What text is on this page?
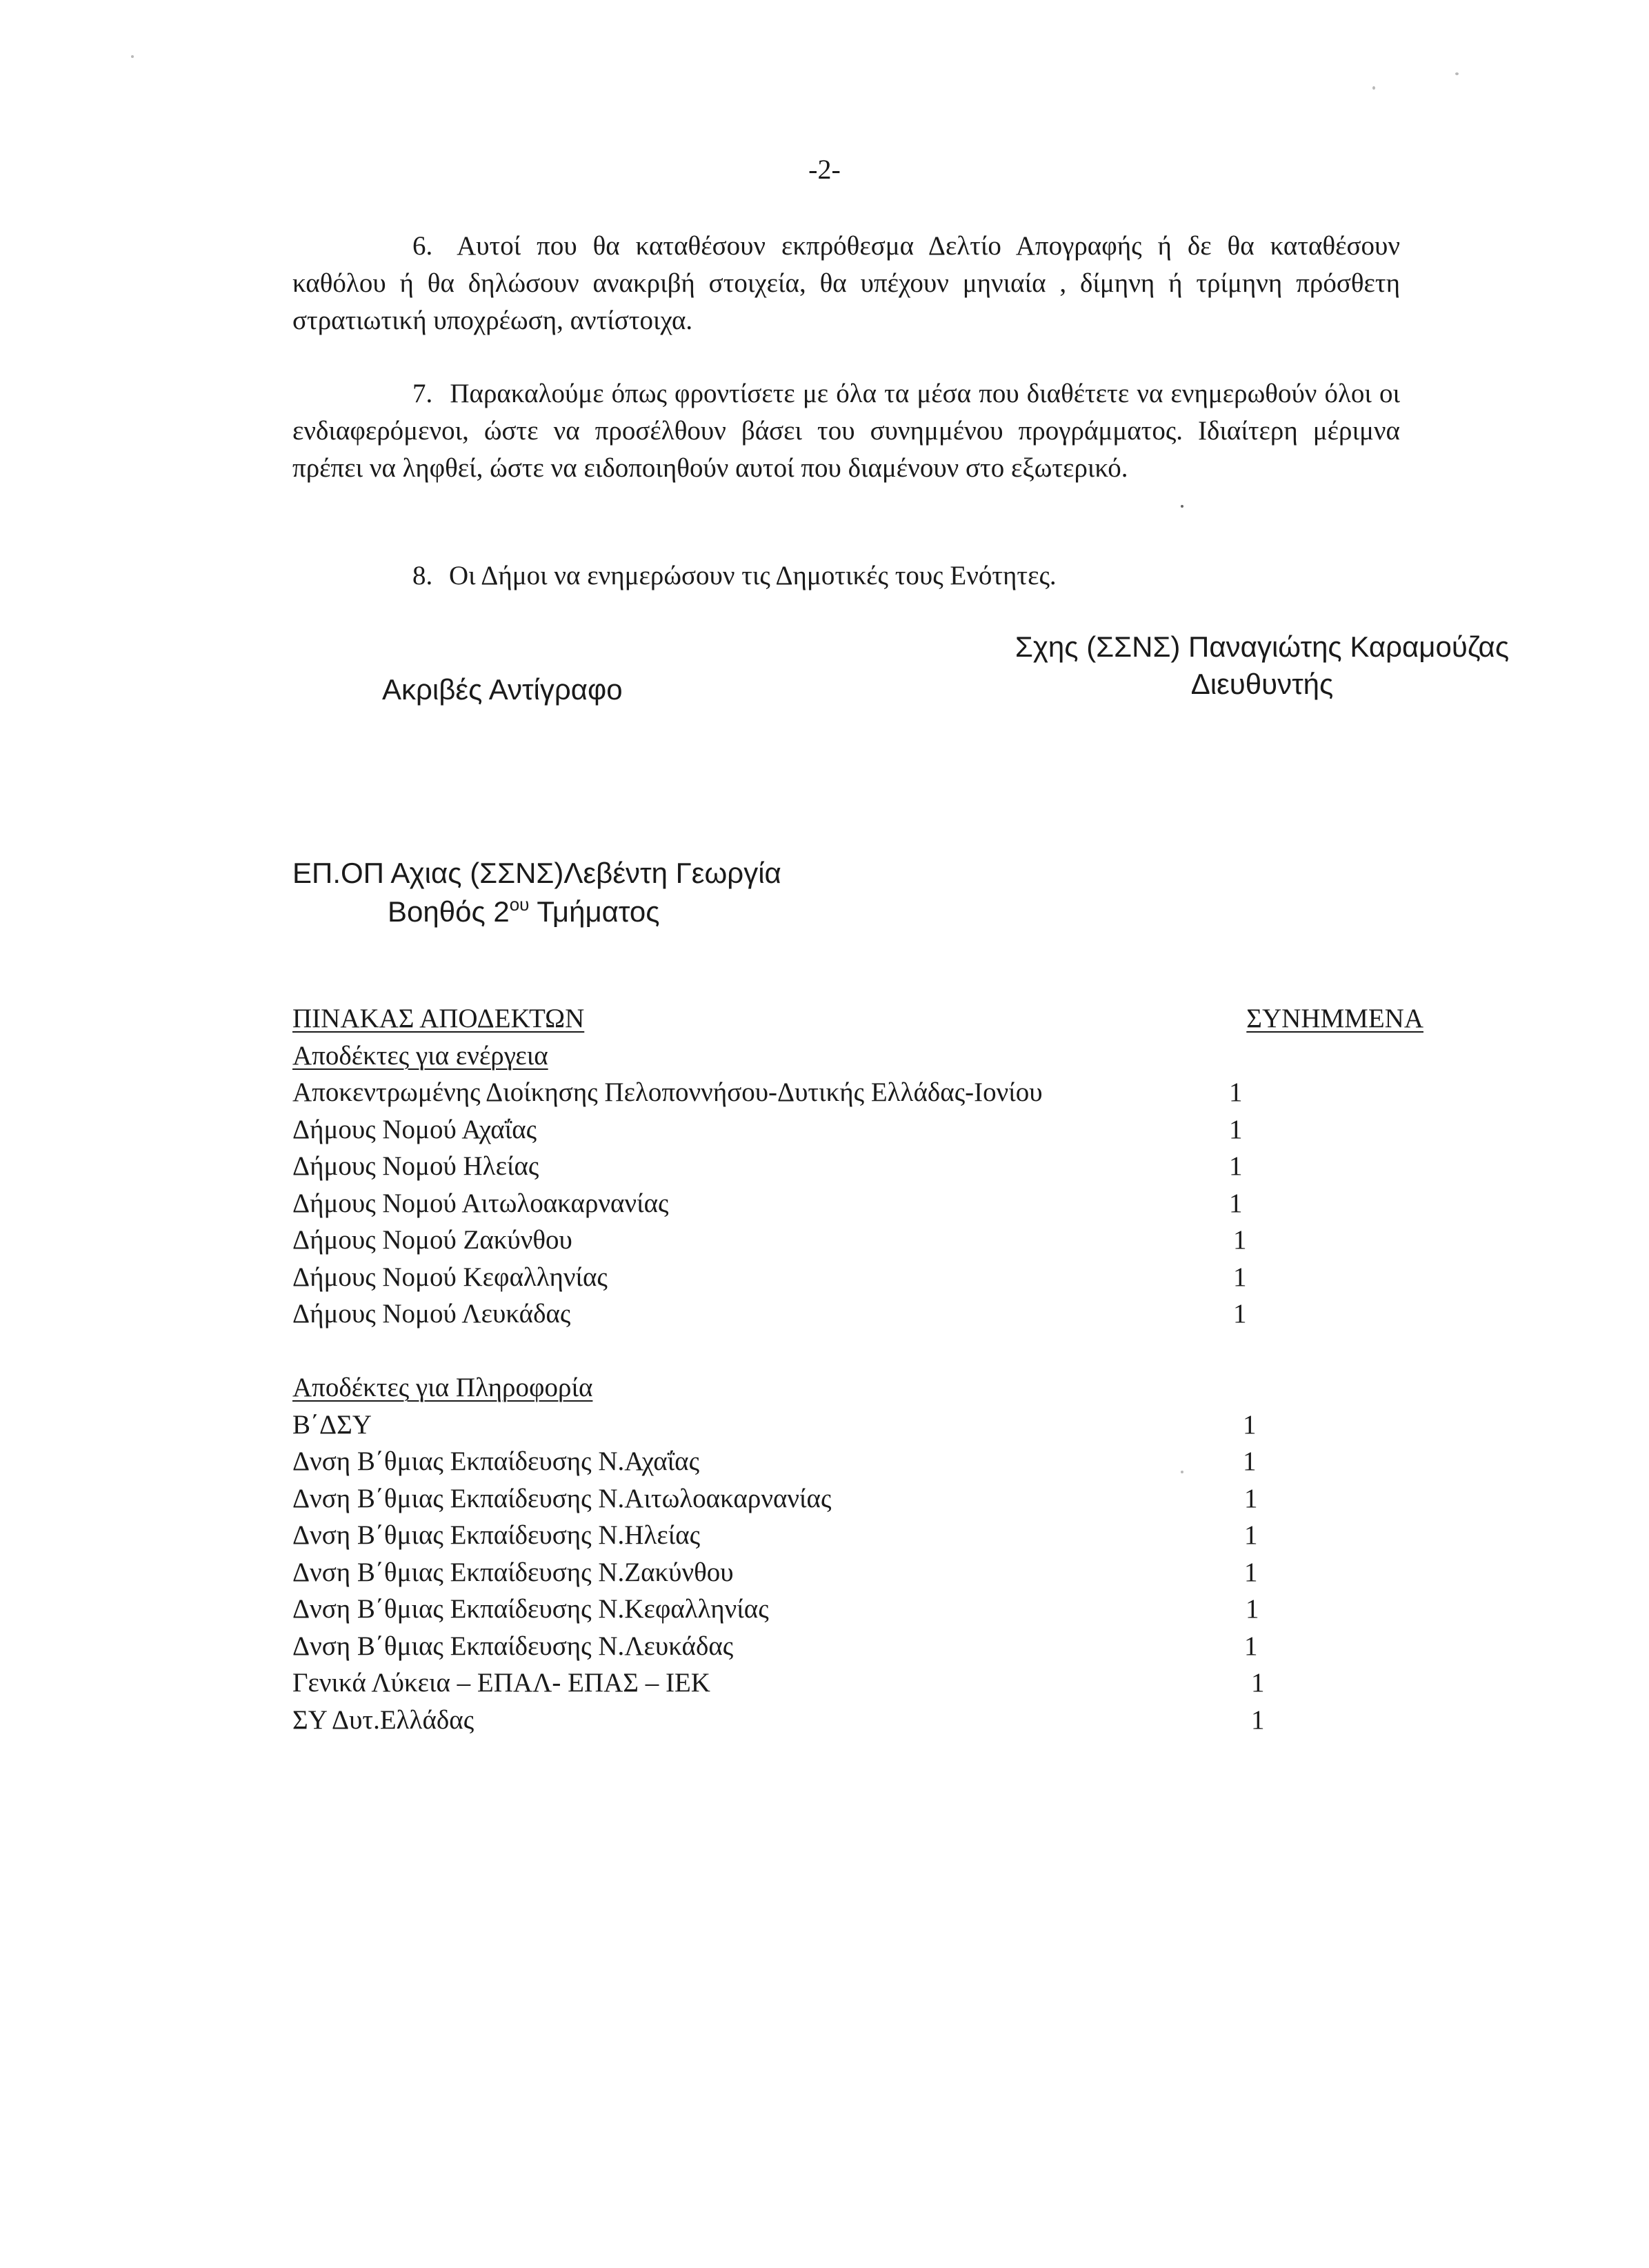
-2-
6. Αυτοί που θα καταθέσουν εκπρόθεσμα Δελτίο Απογραφής ή δε θα καταθέσουν καθόλου ή θα δηλώσουν ανακριβή στοιχεία, θα υπέχουν μηνιαία , δίμηνη ή τρίμηνη πρόσθετη στρατιωτική υποχρέωση, αντίστοιχα.
7. Παρακαλούμε όπως φροντίσετε με όλα τα μέσα που διαθέτετε να ενημερωθούν όλοι οι ενδιαφερόμενοι, ώστε να προσέλθουν βάσει του συνημμένου προγράμματος. Ιδιαίτερη μέριμνα πρέπει να ληφθεί, ώστε να ειδοποιηθούν αυτοί που διαμένουν στο εξωτερικό.
8. Οι Δήμοι να ενημερώσουν τις Δημοτικές τους Ενότητες.
Σχης (ΣΣΝΣ) Παναγιώτης Καραμούζας
Διευθυντής
Ακριβές Αντίγραφο
ΕΠ.ΟΠ Αχιας (ΣΣΝΣ)Λεβέντη Γεωργία
Βοηθός $2^{o\upsilon}$ Τμήματος
ΠΙΝΑΚΑΣ ΑΠΟΔΕΚΤΩΝ	ΣΥΝΗΜΜΕΝΑ
Αποδέκτες για ενέργεια
Αποκεντρωμένης Διοίκησης Πελοποννήσου-Δυτικής Ελλάδας-Ιονίου	1
Δήμους Νομού Αχαΐας	1
Δήμους Νομού Ηλείας	1
Δήμους Νομού Αιτωλοακαρνανίας	1
Δήμους Νομού Ζακύνθου	1
Δήμους Νομού Κεφαλληνίας	1
Δήμους Νομού Λευκάδας	1
Αποδέκτες για Πληροφορία
Β΄ΔΣΥ	1
Δνση Β΄θμιας Εκπαίδευσης Ν.Αχαΐας	1
Δνση Β΄θμιας Εκπαίδευσης Ν.Αιτωλοακαρνανίας	1
Δνση Β΄θμιας Εκπαίδευσης Ν.Ηλείας	1
Δνση Β΄θμιας Εκπαίδευσης Ν.Ζακύνθου	1
Δνση Β΄θμιας Εκπαίδευσης Ν.Κεφαλληνίας	1
Δνση Β΄θμιας Εκπαίδευσης Ν.Λευκάδας	1
Γενικά Λύκεια – ΕΠΑΛ- ΕΠΑΣ – ΙΕΚ	1
ΣΥ Δυτ.Ελλάδας	1
